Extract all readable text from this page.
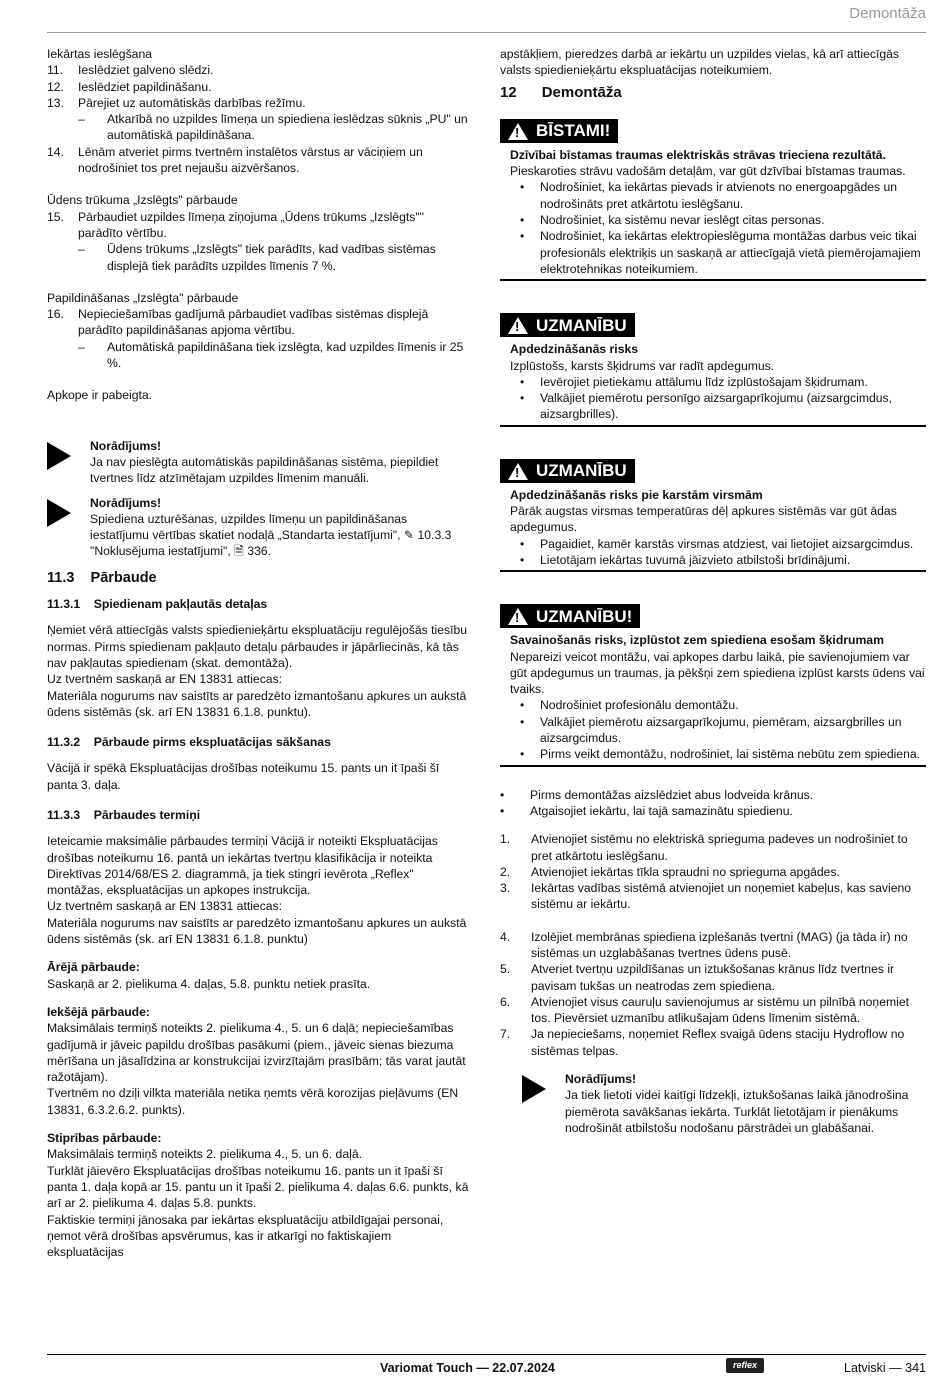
Demontāža

Iekārtas ieslēgšana

11.	Ieslēdziet galveno slēdzi.
12.	Ieslēdziet papildināšanu.
13.	Pārejiet uz automātiskās darbības režīmu.
–	Atkarībā no uzpildes līmeņa un spiediena ieslēdzas sūknis „PU" un automātiskā papildināšana.
14.	Lēnām atveriet pirms tvertnēm instalētos vārstus ar vāciņiem un nodrošiniet tos pret nejaušu aizvēršanos.

Ūdens trūkuma „Izslēgts" pārbaude

15.	Pārbaudiet uzpildes līmeņa ziņojuma „Ūdens trūkums „Izslēgts"" parādīto vērtību.
–	Ūdens trūkums „Izslēgts" tiek parādīts, kad vadības sistēmas displejā tiek parādīts uzpildes līmenis 7 %.

Papildināšanas „Izslēgta" pārbaude

16.	Nepieciešamības gadījumā pārbaudiet vadības sistēmas displejā parādīto papildināšanas apjoma vērtību.
–	Automātiskā papildināšana tiek izslēgta, kad uzpildes līmenis ir 25 %.

Apkope ir pabeigta.

Norādījums!

Ja nav pieslēgta automātiskās papildināšanas sistēma, piepildiet tvertnes līdz atzīmētajam uzpildes līmenim manuāli.

Norādījums!

Spiediena uzturēšanas, uzpildes līmeņu un papildināšanas iestatījumu vērtības skatiet nodaļā „Standarta iestatījumi", ✎ 10.3.3 "Noklusējuma iestatījumi", 🗎 336.

11.3    Pārbaude
11.3.1    Spiedienam pakļautās detaļas

Ņemiet vērā attiecīgās valsts spiedienieķārtu ekspluatāciju regulējošās tiesību normas. Pirms spiedienam pakļauto detaļu pārbaudes ir jāpārliecinās, kā tās nav pakļautas spiedienam (skat. demontāža).

Uz tvertnēm saskaņā ar EN 13831 attiecas:

Materiāla nogurums nav saistīts ar paredzēto izmantošanu apkures un aukstā ūdens sistēmās (sk. arī EN 13831 6.1.8. punktu).

11.3.2    Pārbaude pirms ekspluatācijas sākšanas

Vācijā ir spēkā Ekspluatācijas drošības noteikumu 15. pants un it īpaši šī panta 3. daļa.

11.3.3    Pārbaudes termiņi

Ieteicamie maksimālie pārbaudes termiņi Vācijā ir noteikti Ekspluatācijas drošības noteikumu 16. pantā un iekārtas tvertņu klasifikācija ir noteikta Direktīvas 2014/68/ES 2. diagrammā, ja tiek stingri ievērota „Reflex" montāžas, ekspluatācijas un apkopes instrukcija.

Uz tvertnēm saskaņā ar EN 13831 attiecas:

Materiāla nogurums nav saistīts ar paredzēto izmantošanu apkures un aukstā ūdens sistēmās (sk. arī EN 13831 6.1.8. punktu)

Ārējā pārbaude:

Saskaņā ar 2. pielikuma 4. daļas, 5.8. punktu netiek prasīta.

Iekšējā pārbaude:

Maksimālais termiņš noteikts 2. pielikuma 4., 5. un 6 daļā; nepieciešamības gadījumā ir jāveic papildu drošības pasākumi (piem., jāveic sienas biezuma mērīšana un jāsalīdzina ar konstrukcijai izvirzītajām prasībām; tās varat jautāt ražotājam).

Tvertnēm no dziļi vilkta materiāla netika ņemts vērā korozijas pieļāvums (EN 13831, 6.3.2.6.2. punkts).

Stiprības pārbaude:

Maksimālais termiņš noteikts 2. pielikuma 4., 5. un 6. daļā.

Turklāt jāievēro Ekspluatācijas drošības noteikumu 16. pants un it īpaši šī panta 1. daļa kopā ar 15. pantu un it īpaši 2. pielikuma 4. daļas 6.6. punkts, kā arī ar 2. pielikuma 4. daļas 5.8. punkts.

Faktiskie termiņi jānosaka par iekārtas ekspluatāciju atbildīgajai personai, ņemot vērā drošības apsvērumus, kas ir atkarīgi no faktiskajiem ekspluatācijas

apstākļiem, pieredzes darbā ar iekārtu un uzpildes vielas, kā arī attiecīgās valsts spiedienieķārtu ekspluatācijas noteikumiem.

12      Demontāža
! BĪSTAMI!

Dzīvībai bīstamas traumas elektriskās strāvas trieciena rezultātā.

Pieskaroties strāvu vadošām detaļām, var gūt dzīvībai bīstamas traumas.

•	Nodrošiniet, ka iekārtas pievads ir atvienots no energoapgādes un nodrošināts pret atkārtotu ieslēgšanu.
•	Nodrošiniet, ka sistēmu nevar ieslēgt citas personas.
•	Nodrošiniet, ka iekārtas elektropieslēguma montāžas darbus veic tikai profesionāls elektriķis un saskaņā ar attiecīgajā vietā piemērojamajiem elektrotehnikas noteikumiem.
! UZMANĪBU

Apdedzināšanās risks

Izplūstošs, karsts šķidrums var radīt apdegumus.

•	Ievērojiet pietiekamu attālumu līdz izplūstošajam šķidrumam.
•	Valkājiet piemērotu personīgo aizsargaprīkojumu (aizsargcimdus, aizsargbrilles).
! UZMANĪBU

Apdedzināšanās risks pie karstām virsmām

Pārāk augstas virsmas temperatūras dēļ apkures sistēmās var gūt ādas apdegumus.

•	Pagaidiet, kamēr karstās virsmas atdziest, vai lietojiet aizsargcimdus.
•	Lietotājam iekārtas tuvumā jāizvieto atbilstoši brīdinājumi.
! UZMANĪBU!

Savainošanās risks, izplūstot zem spiediena esošam šķidrumam

Nepareizi veicot montāžu, vai apkopes darbu laikā, pie savienojumiem var gūt apdegumus un traumas, ja pēkšņi zem spiediena izplūst karsts ūdens vai tvaiks.

•	Nodrošiniet profesionālu demontāžu.
•	Valkājiet piemērotu aizsargaprīkojumu, piemēram, aizsargbrilles un aizsargcimdus.
•	Pirms veikt demontāžu, nodrošiniet, lai sistēma nebūtu zem spiediena.
•	Pirms demontāžas aizslēdziet abus lodveida krānus.
•	Atgaisojiet iekārtu, lai tajā samazinātu spiedienu.
1.	Atvienojiet sistēmu no elektriskā sprieguma padeves un nodrošiniet to pret atkārtotu ieslēgšanu.
2.	Atvienojiet iekārtas tīkla spraudni no sprieguma apgādes.
3.	Iekārtas vadības sistēmā atvienojiet un noņemiet kabeļus, kas savieno sistēmu ar iekārtu.
4.	Izolējiet membrānas spiediena izplešanās tvertni (MAG) (ja tāda ir) no sistēmas un uzglabāšanas tvertnes ūdens pusē.
5.	Atveriet tvertņu uzpildīšanas un iztukšošanas krānus līdz tvertnes ir pavisam tukšas un neatrodas zem spiediena.
6.	Atvienojiet visus cauruļu savienojumus ar sistēmu un pilnībā noņemiet tos. Pievērsiet uzmanību atlikušajam ūdens līmenim sistēmā.
7.	Ja nepieciešams, noņemiet Reflex svaigā ūdens staciju Hydroflow no sistēmas telpas.

Norādījums!

Ja tiek lietoti videi kaitīgi līdzekļi, iztukšošanas laikā jānodrošina piemērota savākšanas iekārta. Turklāt lietotājam ir pienākums nodrošināt atbilstošu nodošanu pārstrādei un glabāšanai.

Variomat Touch — 22.07.2024	reflex	Latviski — 341
